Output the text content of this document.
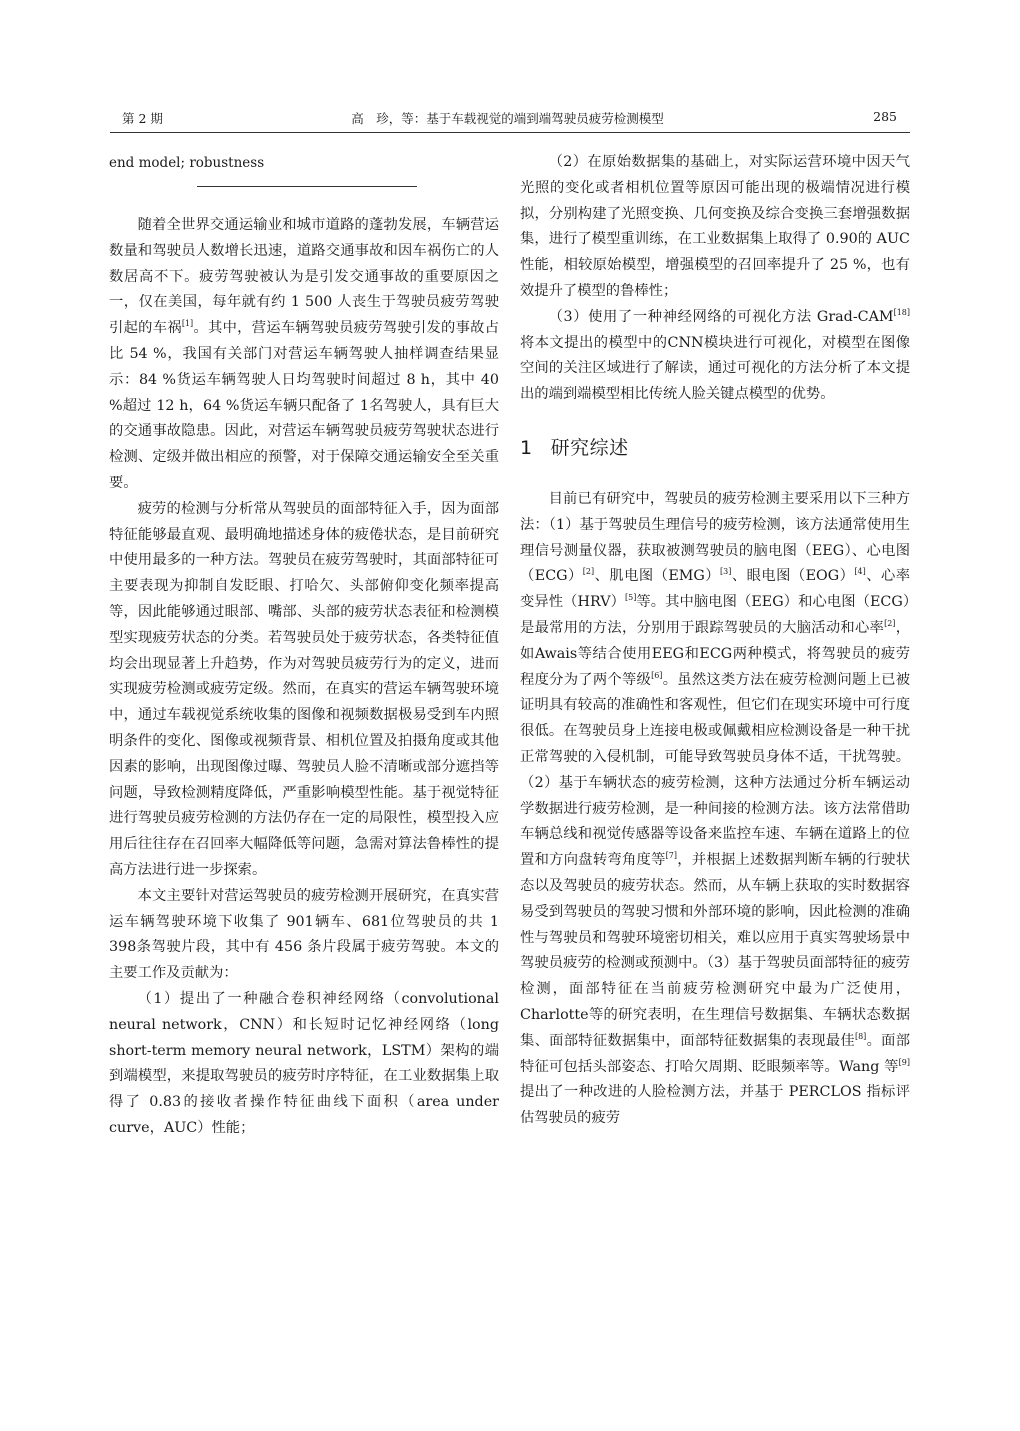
第 2 期	高　珍，等：基于车载视觉的端到端驾驶员疲劳检测模型	285

end model; robustness

随着全世界交通运输业和城市道路的蓬勃发展，车辆营运数量和驾驶员人数增长迅速，道路交通事故和因车祸伤亡的人数居高不下。疲劳驾驶被认为是引发交通事故的重要原因之一，仅在美国，每年就有约 1 500 人丧生于驾驶员疲劳驾驶引起的车祸[1]。其中，营运车辆驾驶员疲劳驾驶引发的事故占比 54 %，我国有关部门对营运车辆驾驶人抽样调查结果显示：84 %货运车辆驾驶人日均驾驶时间超过 8 h，其中 40 %超过 12 h，64 %货运车辆只配备了 1名驾驶人，具有巨大的交通事故隐患。因此，对营运车辆驾驶员疲劳驾驶状态进行检测、定级并做出相应的预警，对于保障交通运输安全至关重要。

疲劳的检测与分析常从驾驶员的面部特征入手，因为面部特征能够最直观、最明确地描述身体的疲倦状态，是目前研究中使用最多的一种方法。驾驶员在疲劳驾驶时，其面部特征可主要表现为抑制自发眨眼、打哈欠、头部俯仰变化频率提高等，因此能够通过眼部、嘴部、头部的疲劳状态表征和检测模型实现疲劳状态的分类。若驾驶员处于疲劳状态，各类特征值均会出现显著上升趋势，作为对驾驶员疲劳行为的定义，进而实现疲劳检测或疲劳定级。然而，在真实的营运车辆驾驶环境中，通过车载视觉系统收集的图像和视频数据极易受到车内照明条件的变化、图像或视频背景、相机位置及拍摄角度或其他因素的影响，出现图像过曝、驾驶员人脸不清晰或部分遮挡等问题，导致检测精度降低，严重影响模型性能。基于视觉特征进行驾驶员疲劳检测的方法仍存在一定的局限性，模型投入应用后往往存在召回率大幅降低等问题，急需对算法鲁棒性的提高方法进行进一步探索。

本文主要针对营运驾驶员的疲劳检测开展研究，在真实营运车辆驾驶环境下收集了 901辆车、681位驾驶员的共 1 398条驾驶片段，其中有 456 条片段属于疲劳驾驶。本文的主要工作及贡献为：

（1）提出了一种融合卷积神经网络（convolutional neural network，CNN）和长短时记忆神经网络（long short-term memory neural network，LSTM）架构的端到端模型，来提取驾驶员的疲劳时序特征，在工业数据集上取得了 0.83的接收者操作特征曲线下面积（area under curve，AUC）性能；

（2）在原始数据集的基础上，对实际运营环境中因天气光照的变化或者相机位置等原因可能出现的极端情况进行模拟，分别构建了光照变换、几何变换及综合变换三套增强数据集，进行了模型重训练，在工业数据集上取得了 0.90的 AUC 性能，相较原始模型，增强模型的召回率提升了 25 %，也有效提升了模型的鲁棒性；

（3）使用了一种神经网络的可视化方法 Grad-CAM[18]将本文提出的模型中的CNN模块进行可视化，对模型在图像空间的关注区域进行了解读，通过可视化的方法分析了本文提出的端到端模型相比传统人脸关键点模型的优势。

1 研究综述

目前已有研究中，驾驶员的疲劳检测主要采用以下三种方法：（1）基于驾驶员生理信号的疲劳检测，该方法通常使用生理信号测量仪器，获取被测驾驶员的脑电图（EEG）、心电图（ECG）[2]、肌电图（EMG）[3]、眼电图（EOG）[4]、心率变异性（HRV）[5]等。其中脑电图（EEG）和心电图（ECG）是最常用的方法，分别用于跟踪驾驶员的大脑活动和心率[2]，如Awais等结合使用EEG和ECG两种模式，将驾驶员的疲劳程度分为了两个等级[6]。虽然这类方法在疲劳检测问题上已被证明具有较高的准确性和客观性，但它们在现实环境中可行度很低。在驾驶员身上连接电极或佩戴相应检测设备是一种干扰正常驾驶的入侵机制，可能导致驾驶员身体不适，干扰驾驶。（2）基于车辆状态的疲劳检测，这种方法通过分析车辆运动学数据进行疲劳检测，是一种间接的检测方法。该方法常借助车辆总线和视觉传感器等设备来监控车速、车辆在道路上的位置和方向盘转弯角度等[7]，并根据上述数据判断车辆的行驶状态以及驾驶员的疲劳状态。然而，从车辆上获取的实时数据容易受到驾驶员的驾驶习惯和外部环境的影响，因此检测的准确性与驾驶员和驾驶环境密切相关，难以应用于真实驾驶场景中驾驶员疲劳的检测或预测中。（3）基于驾驶员面部特征的疲劳检测，面部特征在当前疲劳检测研究中最为广泛使用，Charlotte等的研究表明，在生理信号数据集、车辆状态数据集、面部特征数据集中，面部特征数据集的表现最佳[8]。面部特征可包括头部姿态、打哈欠周期、眨眼频率等。Wang 等[9]提出了一种改进的人脸检测方法，并基于 PERCLOS 指标评估驾驶员的疲劳
